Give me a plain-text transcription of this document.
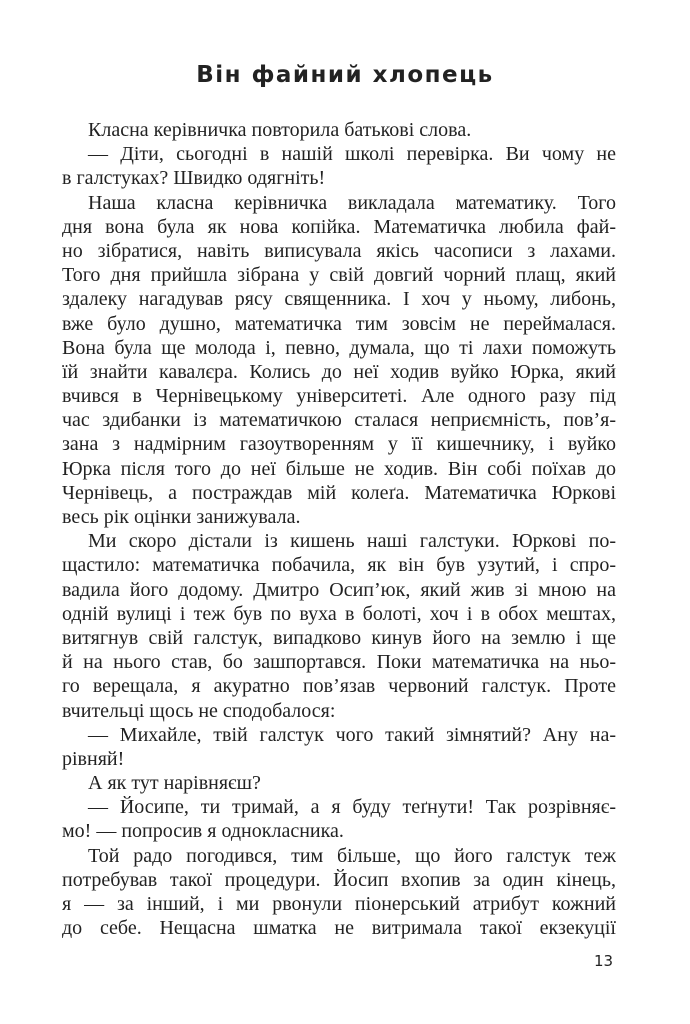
Він файний хлопець
Класна керівничка повторила батькові слова.
— Діти, сьогодні в нашій школі перевірка. Ви чому не
в галстуках? Швидко одягніть!
Наша класна керівничка викладала математику. Того
дня вона була як нова копійка. Математичка любила фай-
но зібратися, навіть виписувала якісь часописи з лахами.
Того дня прийшла зібрана у свій довгий чорний плащ, який
здалеку нагадував рясу священника. І хоч у ньому, либонь,
вже було душно, математичка тим зовсім не переймалася.
Вона була ще молода і, певно, думала, що ті лахи поможуть
їй знайти кавалєра. Колись до неї ходив вуйко Юрка, який
вчився в Чернівецькому університеті. Але одного разу під
час здибанки із математичкою сталася неприємність, пов’я-
зана з надмірним газоутворенням у її кишечнику, і вуйко
Юрка після того до неї більше не ходив. Він собі поїхав до
Чернівець, а постраждав мій колеґа. Математичка Юркові
весь рік оцінки занижувала.
Ми скоро дістали із кишень наші галстуки. Юркові по-
щастило: математичка побачила, як він був узутий, і спро-
вадила його додому. Дмитро Осип’юк, який жив зі мною на
одній вулиці і теж був по вуха в болоті, хоч і в обох мештах,
витягнув свій галстук, випадково кинув його на землю і ще
й на нього став, бо зашпортався. Поки математичка на ньо-
го верещала, я акуратно пов’язав червоний галстук. Проте
вчительці щось не сподобалося:
— Михайле, твій галстук чого такий зімнятий? Ану на-
рівняй!
А як тут нарівняєш?
— Йосипе, ти тримай, а я буду теґнути! Так розрівняє-
мо! — попросив я однокласника.
Той радо погодився, тим більше, що його галстук теж
потребував такої процедури. Йосип вхопив за один кінець,
я — за інший, і ми рвонули піонерський атрибут кожний
до себе. Нещасна шматка не витримала такої екзекуції
13
